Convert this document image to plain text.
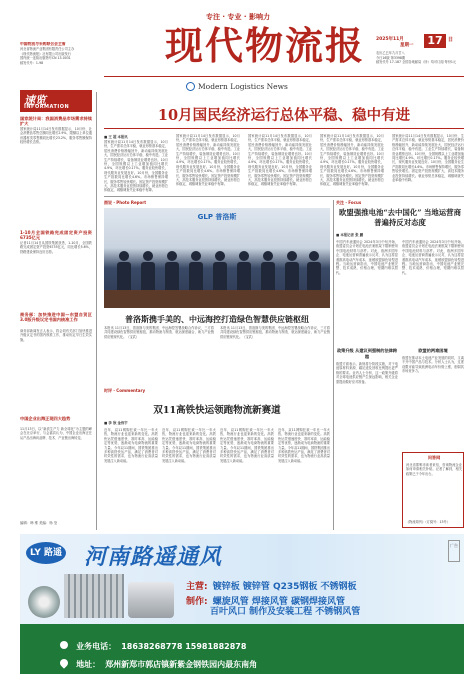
专注 · 专业 · 影响力
现代物流报
中国物流与采购联合会主管
河北省物流产业集团有限责任公司主办
《现代物流报》社有限公司出版发行
国内统一连续出版物号CN 13-0031
邮发代号：1-98
2025年11月	17	日
星期一
农历乙巳年九月廿八
今日16版 第3398期
邮发代号 17-187 全国各地邮局（所）均可订阅 每份1元
Modern Logistics News
速览
INFORMATION
国家统计局：我国消费品市场需求持续扩大
国家统计局11月14日发布数据显示，10月份，社会消费品零售总额同比增长2.9%，限额以上单位通讯器材类零售额同比增长23.2%，服务零售额保持较快增长态势。
1-10月全国铁路完成固定资产投资6735亿元
记者11月14日从国铁集团获悉，1-10月，全国铁路完成固定资产投资6735亿元，同比增长5.6%，铁路建设保持良好态势。
商务部：加快推进中国—东盟自贸区3.0版升级议定书国内核准工作
商务部新闻发言人表示，将会同有关部门加快推进升级议定书的国内核准工作，推动协定早日生效实施。
中国企业出海正现四大趋势
11月13日，以“新质生产力 新全球化”为主题的峰会在北京举行，与会嘉宾认为，中国企业出海正在从产品出海向品牌、技术、产业链出海转变。
编辑：韩 维 美编：杨 莹
10月国民经济运行总体平稳、稳中有进
■ 王 超 本报讯
国家统计局11月14日发布数据显示，10月份，生产需求总体平稳，就业形势基本稳定，居民消费价格涨幅回升，新动能持续发展壮大，国民经济运行总体平稳、稳中有进。工业生产持续增长，装备制造业增势良好。10月份，全国规模以上工业增加值同比增长4.9%，环比增长0.17%。服务业较快增长，现代服务业发展良好。10月份，全国服务业生产指数同比增长4.6%。市场销售保持增长，服务零售较快增长。固定资产投资规模扩大，高技术服务业投资持续增长。就业形势总体稳定，城镇调查失业率稳中有降。
国家统计局11月14日发布数据显示，10月份，生产需求总体平稳，就业形势基本稳定，居民消费价格涨幅回升，新动能持续发展壮大，国民经济运行总体平稳、稳中有进。工业生产持续增长，装备制造业增势良好。10月份，全国规模以上工业增加值同比增长4.9%，环比增长0.17%。服务业较快增长，现代服务业发展良好。10月份，全国服务业生产指数同比增长4.6%。市场销售保持增长，服务零售较快增长。固定资产投资规模扩大，高技术服务业投资持续增长。就业形势总体稳定，城镇调查失业率稳中有降。
国家统计局11月14日发布数据显示，10月份，生产需求总体平稳，就业形势基本稳定，居民消费价格涨幅回升，新动能持续发展壮大，国民经济运行总体平稳、稳中有进。工业生产持续增长，装备制造业增势良好。10月份，全国规模以上工业增加值同比增长4.9%，环比增长0.17%。服务业较快增长，现代服务业发展良好。10月份，全国服务业生产指数同比增长4.6%。市场销售保持增长，服务零售较快增长。固定资产投资规模扩大，高技术服务业投资持续增长。就业形势总体稳定，城镇调查失业率稳中有降。
国家统计局11月14日发布数据显示，10月份，生产需求总体平稳，就业形势基本稳定，居民消费价格涨幅回升，新动能持续发展壮大，国民经济运行总体平稳、稳中有进。工业生产持续增长，装备制造业增势良好。10月份，全国规模以上工业增加值同比增长4.9%，环比增长0.17%。服务业较快增长，现代服务业发展良好。10月份，全国服务业生产指数同比增长4.6%。市场销售保持增长，服务零售较快增长。固定资产投资规模扩大，高技术服务业投资持续增长。就业形势总体稳定，城镇调查失业率稳中有降。
国家统计局11月14日发布数据显示，10月份，生产需求总体平稳，就业形势基本稳定，居民消费价格涨幅回升，新动能持续发展壮大，国民经济运行总体平稳、稳中有进。工业生产持续增长，装备制造业增势良好。10月份，全国规模以上工业增加值同比增长4.9%，环比增长0.17%。服务业较快增长，现代服务业发展良好。10月份，全国服务业生产指数同比增长4.6%。市场销售保持增长，服务零售较快增长。固定资产投资规模扩大，高技术服务业投资持续增长。就业形势总体稳定，城镇调查失业率稳中有降。
图说 · Photo Report
GLP 普洛斯
普洛斯携手美的、中远海控打造绿色智慧供应链枢纽
本报讯 11月13日，普洛斯与美的集团、中远海控签署战略合作协议，三方将共同建设绿色智慧供应链枢纽，推动物流与制造、航运深度融合，助力产业链供应链现代化。（宝武）
本报讯 11月13日，普洛斯与美的集团、中远海控签署战略合作协议，三方将共同建设绿色智慧供应链枢纽，推动物流与制造、航运深度融合，助力产业链供应链现代化。（宝武）
时评 · Commentary
双11高铁快运领跑物流新赛道
■ 李 欣 金伟宇
近年，双11网购狂欢一年比一年火热，物流行业也迎来新的变化。高铁快运凭借速度快、准时率高、运能稳定等优势，逐渐成为电商物流的重要力量。今年双11期间，国铁集团推出多种高铁快运产品，满足了消费者对时效性的需求，也为物流行业高质量发展注入新动能。
近年，双11网购狂欢一年比一年火热，物流行业也迎来新的变化。高铁快运凭借速度快、准时率高、运能稳定等优势，逐渐成为电商物流的重要力量。今年双11期间，国铁集团推出多种高铁快运产品，满足了消费者对时效性的需求，也为物流行业高质量发展注入新动能。
近年，双11网购狂欢一年比一年火热，物流行业也迎来新的变化。高铁快运凭借速度快、准时率高、运能稳定等优势，逐渐成为电商物流的重要力量。今年双11期间，国铁集团推出多种高铁快运产品，满足了消费者对时效性的需求，也为物流行业高质量发展注入新动能。
近年，双11网购狂欢一年比一年火热，物流行业也迎来新的变化。高铁快运凭借速度快、准时率高、运能稳定等优势，逐渐成为电商物流的重要力量。今年双11期间，国铁集团推出多种高铁快运产品，满足了消费者对时效性的需求，也为物流行业高质量发展注入新动能。
关注 · Focus
欧盟强推电池“去中国化” 当地运营商普遍持反对态度
■ 本报记者 张 鹏
中国汽车流通协会 2024年3月中旬开始，欧盟委员会计划在电池法案框架下限制使用中国电池材料与部件。对此，欧洲多国车企、电池运营商普遍表示反对，认为这将显著推高电动汽车成本，延缓欧盟绿色转型进程。当地运营商指出，中国电池产业链完整、技术成熟、价格合理，短期内难以替代。
中国汽车流通协会 2024年3月中旬开始，欧盟委员会计划在电池法案框架下限制使用中国电池材料与部件。对此，欧洲多国车企、电池运营商普遍表示反对，认为这将显著推高电动汽车成本，延缓欧盟绿色转型进程。当地运营商指出，中国电池产业链完整、技术成熟、价格合理，短期内难以替代。
政策升级 从建议到强制的法律跨越
欧盟方面表示，新规将分阶段实施，对于电池原材料来源、碳足迹及回收比例提出更严格的要求。业内人士分析，这一政策升级将对全球电池供应链产生深远影响，相关企业需提前做好应对准备。
欧盟的两难困境
欧盟在推动本土电池产业发展的同时，又离不开中国产品与技术。分析人士认为，过度设限可能导致欧洲电动车价格上涨，削弱其市场竞争力。
问答网
河北省邯郸市读者来信，咨询物流企业如何申请相关补贴。记者了解到，相关政策已于今年出台。
《物流周刊》（订阅号：13号）
LY 路遥 河南路遥通风	广告
主营: 镀锌板 镀锌管 Q235钢板 不锈钢板
制作: 螺旋风管 焊接风管 碳钢焊接风管
百叶风口 制作及安装工程 不锈钢风管
业务电话： 18638268778 15981882878
地址： 郑州新郑市郭店镇新紫金钢铁园内最东南角
